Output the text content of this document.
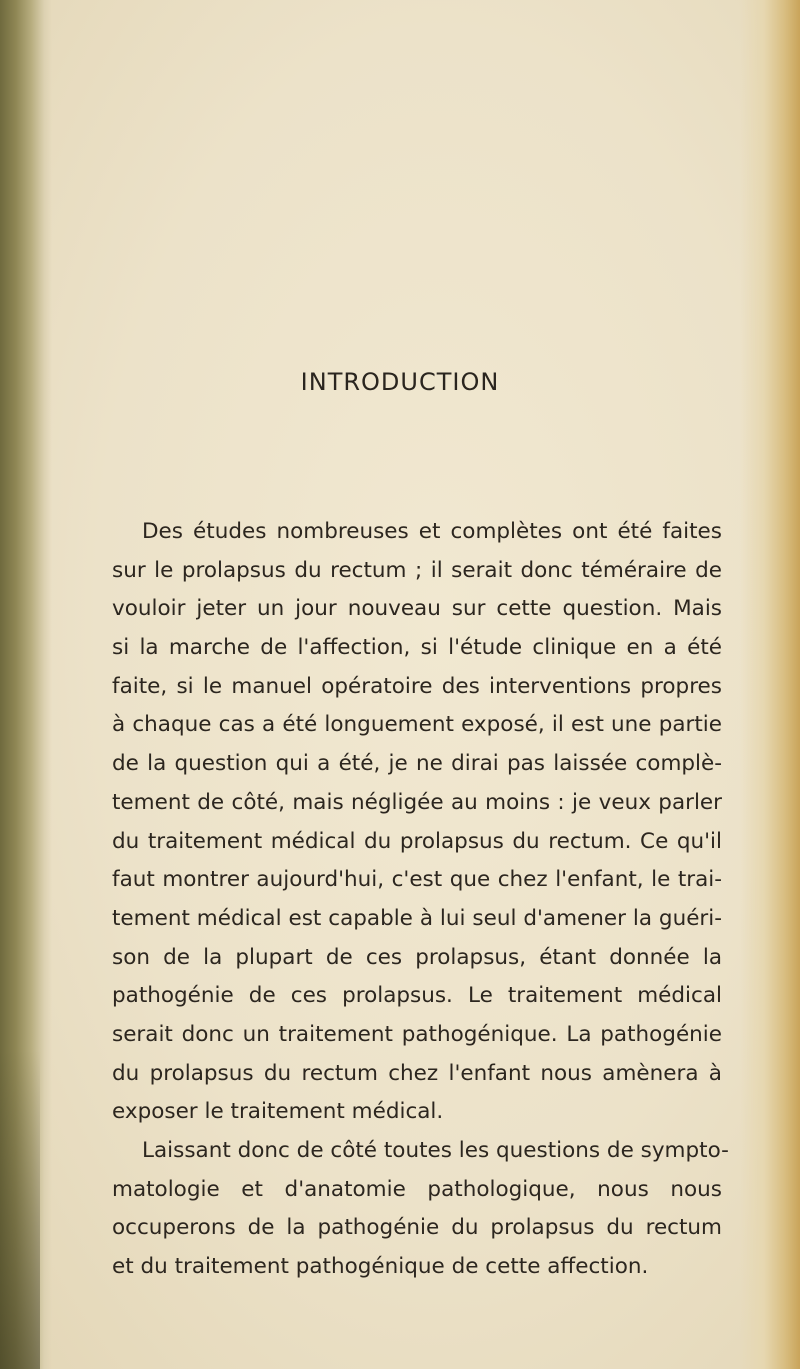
INTRODUCTION
Des études nombreuses et complètes ont été faites
sur le prolapsus du rectum ; il serait donc téméraire de
vouloir jeter un jour nouveau sur cette question. Mais
si la marche de l'affection, si l'étude clinique en a été
faite, si le manuel opératoire des interventions propres
à chaque cas a été longuement exposé, il est une partie
de la question qui a été, je ne dirai pas laissée complè-
tement de côté, mais négligée au moins : je veux parler
du traitement médical du prolapsus du rectum. Ce qu'il
faut montrer aujourd'hui, c'est que chez l'enfant, le trai-
tement médical est capable à lui seul d'amener la guéri-
son de la plupart de ces prolapsus, étant donnée la
pathogénie de ces prolapsus. Le traitement médical
serait donc un traitement pathogénique. La pathogénie
du prolapsus du rectum chez l'enfant nous amènera à
exposer le traitement médical.
Laissant donc de côté toutes les questions de sympto-
matologie et d'anatomie pathologique, nous nous
occuperons de la pathogénie du prolapsus du rectum
et du traitement pathogénique de cette affection.
